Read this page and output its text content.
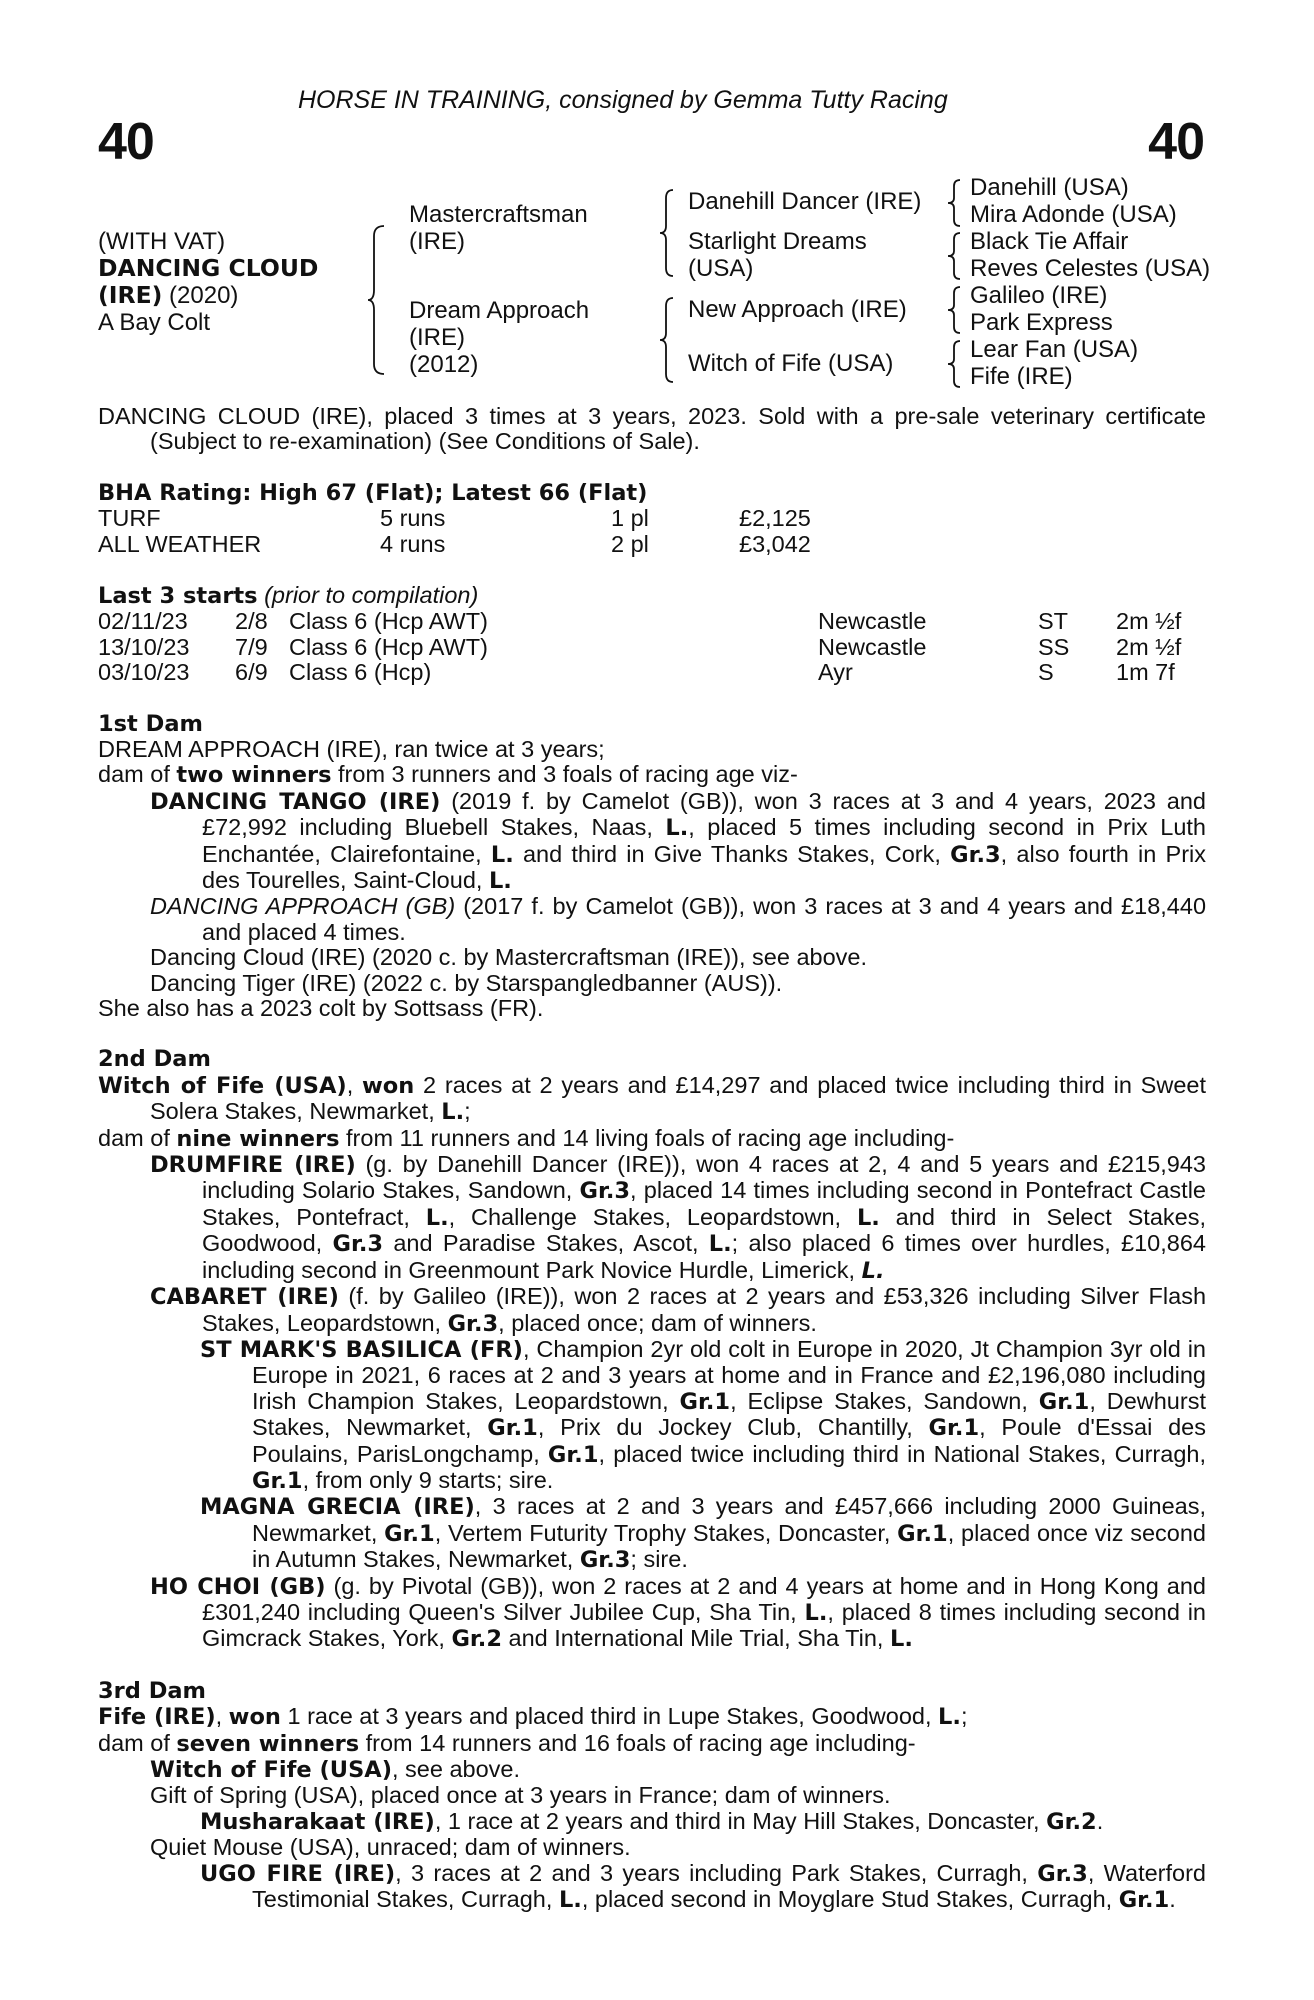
HORSE IN TRAINING, consigned by Gemma Tutty Racing
40	40
(WITH VAT)
DANCING CLOUD
(IRE) (2020)
A Bay Colt
Mastercraftsman
(IRE)
Dream Approach
(IRE)
(2012)
Danehill Dancer (IRE)
Starlight Dreams
(USA)
New Approach (IRE)
Witch of Fife (USA)
Danehill (USA)
Mira Adonde (USA)
Black Tie Affair
Reves Celestes (USA)
Galileo (IRE)
Park Express
Lear Fan (USA)
Fife (IRE)

DANCING CLOUD (IRE), placed 3 times at 3 years, 2023. Sold with a pre-sale veterinary certificate (Subject to re-examination) (See Conditions of Sale).

BHA Rating: High 67 (Flat); Latest 66 (Flat)
TURF	5 runs	1 pl	£2,125
ALL WEATHER	4 runs	2 pl	£3,042
Last 3 starts (prior to compilation)
02/11/23 2/8 Class 6 (Hcp AWT)	Newcastle	ST 2m ½f
13/10/23 7/9 Class 6 (Hcp AWT)	Newcastle	SS 2m ½f
03/10/23 6/9 Class 6 (Hcp)	Ayr	S	1m 7f
1st Dam

DREAM APPROACH (IRE), ran twice at 3 years;

dam of two winners from 3 runners and 3 foals of racing age viz-

DANCING TANGO (IRE) (2019 f. by Camelot (GB)), won 3 races at 3 and 4 years, 2023 and £72,992 including Bluebell Stakes, Naas, L., placed 5 times including second in Prix Luth Enchantée, Clairefontaine, L. and third in Give Thanks Stakes, Cork, Gr.3, also fourth in Prix des Tourelles, Saint-Cloud, L.

DANCING APPROACH (GB) (2017 f. by Camelot (GB)), won 3 races at 3 and 4 years and £18,440 and placed 4 times.

Dancing Cloud (IRE) (2020 c. by Mastercraftsman (IRE)), see above.

Dancing Tiger (IRE) (2022 c. by Starspangledbanner (AUS)).

She also has a 2023 colt by Sottsass (FR).

2nd Dam

Witch of Fife (USA), won 2 races at 2 years and £14,297 and placed twice including third in Sweet Solera Stakes, Newmarket, L.;

dam of nine winners from 11 runners and 14 living foals of racing age including-

DRUMFIRE (IRE) (g. by Danehill Dancer (IRE)), won 4 races at 2, 4 and 5 years and £215,943 including Solario Stakes, Sandown, Gr.3, placed 14 times including second in Pontefract Castle Stakes, Pontefract, L., Challenge Stakes, Leopardstown, L. and third in Select Stakes, Goodwood, Gr.3 and Paradise Stakes, Ascot, L.; also placed 6 times over hurdles, £10,864 including second in Greenmount Park Novice Hurdle, Limerick, L.

CABARET (IRE) (f. by Galileo (IRE)), won 2 races at 2 years and £53,326 including Silver Flash Stakes, Leopardstown, Gr.3, placed once; dam of winners.

ST MARK'S BASILICA (FR), Champion 2yr old colt in Europe in 2020, Jt Champion 3yr old in Europe in 2021, 6 races at 2 and 3 years at home and in France and £2,196,080 including Irish Champion Stakes, Leopardstown, Gr.1, Eclipse Stakes, Sandown, Gr.1, Dewhurst Stakes, Newmarket, Gr.1, Prix du Jockey Club, Chantilly, Gr.1, Poule d'Essai des Poulains, ParisLongchamp, Gr.1, placed twice including third in National Stakes, Curragh, Gr.1, from only 9 starts; sire.

MAGNA GRECIA (IRE), 3 races at 2 and 3 years and £457,666 including 2000 Guineas, Newmarket, Gr.1, Vertem Futurity Trophy Stakes, Doncaster, Gr.1, placed once viz second in Autumn Stakes, Newmarket, Gr.3; sire.

HO CHOI (GB) (g. by Pivotal (GB)), won 2 races at 2 and 4 years at home and in Hong Kong and £301,240 including Queen's Silver Jubilee Cup, Sha Tin, L., placed 8 times including second in Gimcrack Stakes, York, Gr.2 and International Mile Trial, Sha Tin, L.

3rd Dam

Fife (IRE), won 1 race at 3 years and placed third in Lupe Stakes, Goodwood, L.;

dam of seven winners from 14 runners and 16 foals of racing age including-

Witch of Fife (USA), see above.

Gift of Spring (USA), placed once at 3 years in France; dam of winners.

Musharakaat (IRE), 1 race at 2 years and third in May Hill Stakes, Doncaster, Gr.2.

Quiet Mouse (USA), unraced; dam of winners.

UGO FIRE (IRE), 3 races at 2 and 3 years including Park Stakes, Curragh, Gr.3, Waterford Testimonial Stakes, Curragh, L., placed second in Moyglare Stud Stakes, Curragh, Gr.1.
